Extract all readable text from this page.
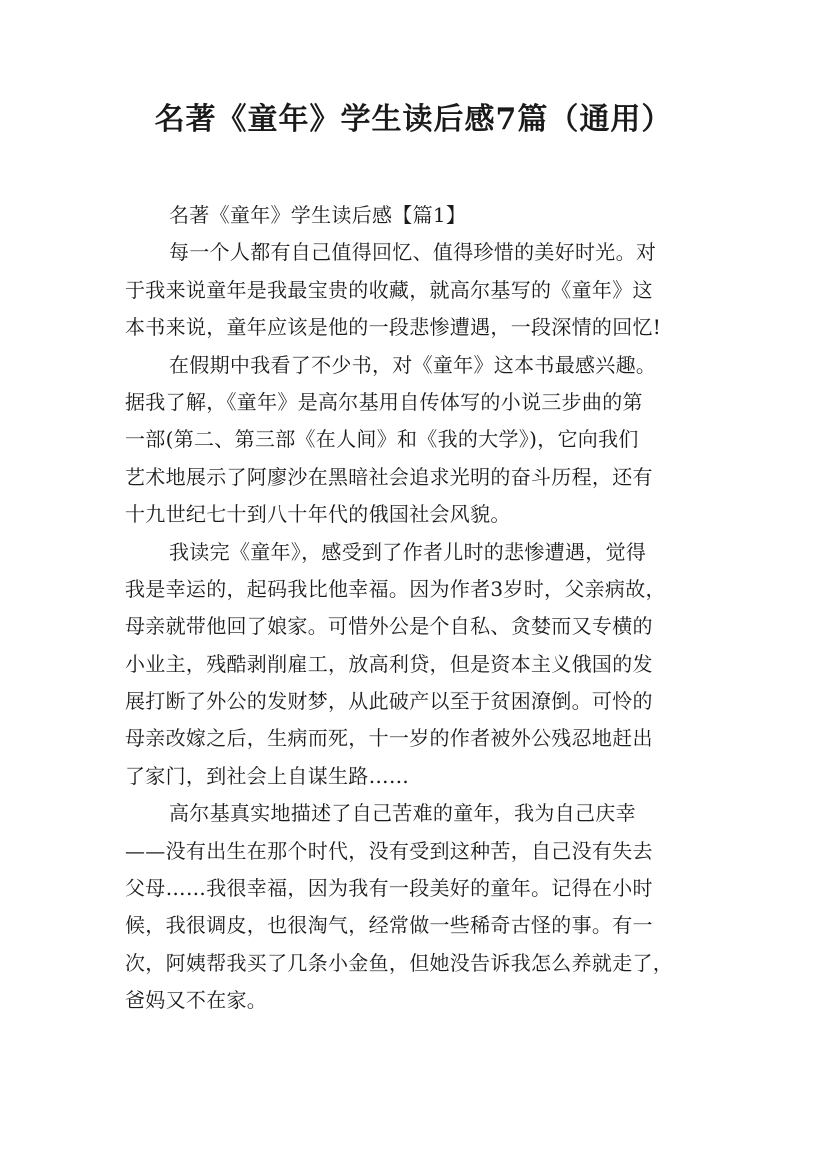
名著《童年》学生读后感7篇（通用）
名著《童年》学生读后感【篇1】
每一个人都有自己值得回忆、值得珍惜的美好时光。对
于我来说童年是我最宝贵的收藏，就高尔基写的《童年》这
本书来说，童年应该是他的一段悲惨遭遇，一段深情的回忆!
在假期中我看了不少书，对《童年》这本书最感兴趣。
据我了解，《童年》是高尔基用自传体写的小说三步曲的第
一部(第二、第三部《在人间》和《我的大学》)，它向我们
艺术地展示了阿廖沙在黑暗社会追求光明的奋斗历程，还有
十九世纪七十到八十年代的俄国社会风貌。
我读完《童年》，感受到了作者儿时的悲惨遭遇，觉得
我是幸运的，起码我比他幸福。因为作者3岁时，父亲病故，
母亲就带他回了娘家。可惜外公是个自私、贪婪而又专横的
小业主，残酷剥削雇工，放高利贷，但是资本主义俄国的发
展打断了外公的发财梦，从此破产以至于贫困潦倒。可怜的
母亲改嫁之后，生病而死，十一岁的作者被外公残忍地赶出
了家门，到社会上自谋生路……
高尔基真实地描述了自己苦难的童年，我为自己庆幸
——没有出生在那个时代，没有受到这种苦，自己没有失去
父母……我很幸福，因为我有一段美好的童年。记得在小时
候，我很调皮，也很淘气，经常做一些稀奇古怪的事。有一
次，阿姨帮我买了几条小金鱼，但她没告诉我怎么养就走了，
爸妈又不在家。
